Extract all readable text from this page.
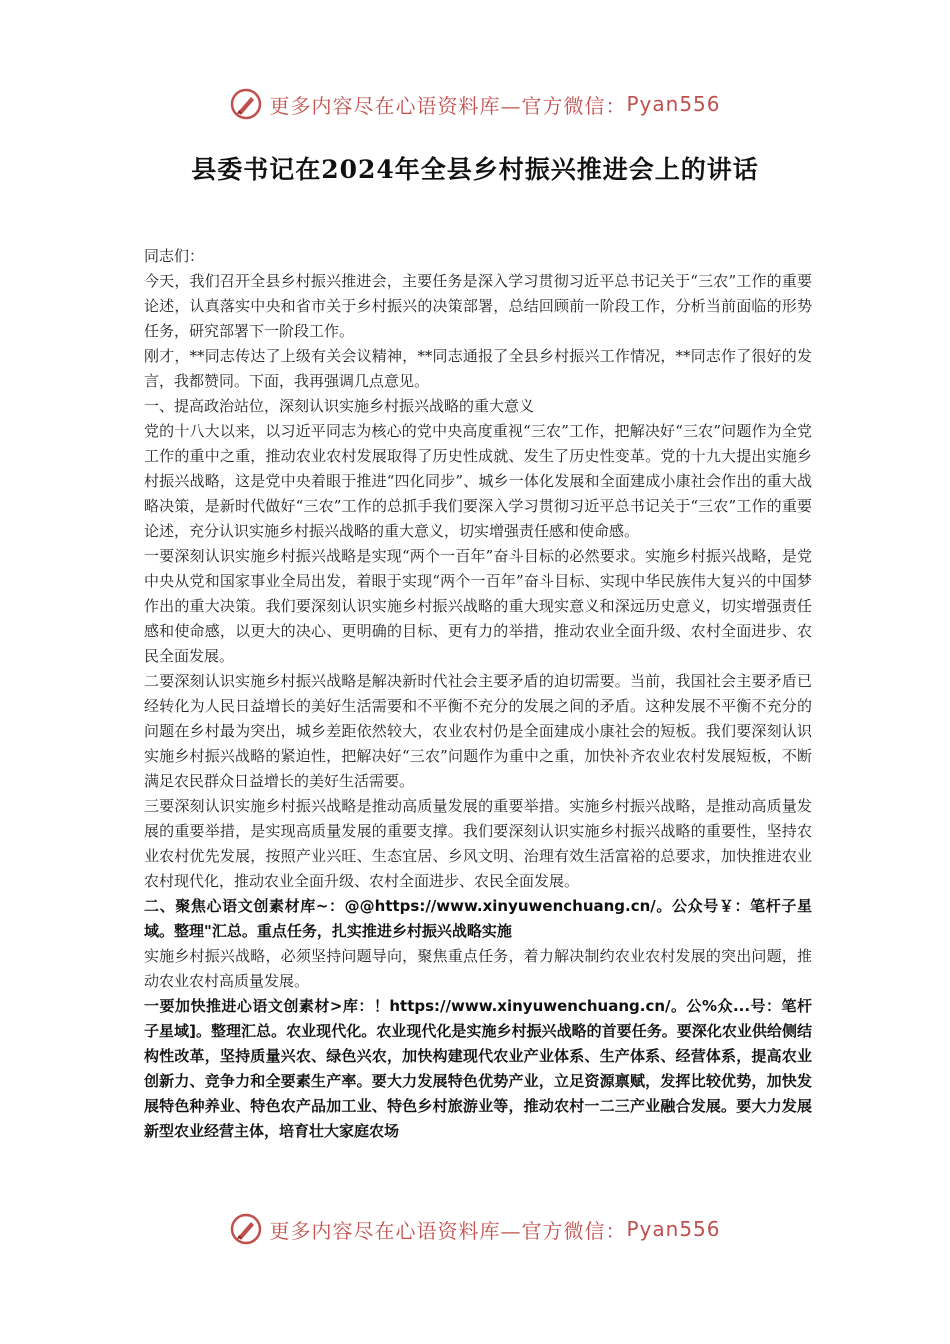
更多内容尽在心语资料库—官方微信： Pyan556
县委书记在2024年全县乡村振兴推进会上的讲话

同志们：

今天，我们召开全县乡村振兴推进会，主要任务是深入学习贯彻习近平总书记关于“三农”工作的重要论述，认真落实中央和省市关于乡村振兴的决策部署，总结回顾前一阶段工作，分析当前面临的形势任务，研究部署下一阶段工作。

刚才，**同志传达了上级有关会议精神，**同志通报了全县乡村振兴工作情况，**同志作了很好的发言，我都赞同。下面，我再强调几点意见。

一、提高政治站位，深刻认识实施乡村振兴战略的重大意义

党的十八大以来，以习近平同志为核心的党中央高度重视“三农”工作，把解决好“三农”问题作为全党工作的重中之重，推动农业农村发展取得了历史性成就、发生了历史性变革。党的十九大提出实施乡村振兴战略，这是党中央着眼于推进“四化同步”、城乡一体化发展和全面建成小康社会作出的重大战略决策，是新时代做好“三农”工作的总抓手我们要深入学习贯彻习近平总书记关于“三农”工作的重要论述，充分认识实施乡村振兴战略的重大意义，切实增强责任感和使命感。

一要深刻认识实施乡村振兴战略是实现“两个一百年”奋斗目标的必然要求。实施乡村振兴战略，是党中央从党和国家事业全局出发，着眼于实现“两个一百年”奋斗目标、实现中华民族伟大复兴的中国梦作出的重大决策。我们要深刻认识实施乡村振兴战略的重大现实意义和深远历史意义，切实增强责任感和使命感，以更大的决心、更明确的目标、更有力的举措，推动农业全面升级、农村全面进步、农民全面发展。

二要深刻认识实施乡村振兴战略是解决新时代社会主要矛盾的迫切需要。当前，我国社会主要矛盾已经转化为人民日益增长的美好生活需要和不平衡不充分的发展之间的矛盾。这种发展不平衡不充分的问题在乡村最为突出，城乡差距依然较大，农业农村仍是全面建成小康社会的短板。我们要深刻认识实施乡村振兴战略的紧迫性，把解决好“三农”问题作为重中之重，加快补齐农业农村发展短板，不断满足农民群众日益增长的美好生活需要。

三要深刻认识实施乡村振兴战略是推动高质量发展的重要举措。实施乡村振兴战略，是推动高质量发展的重要举措，是实现高质量发展的重要支撑。我们要深刻认识实施乡村振兴战略的重要性，坚持农业农村优先发展，按照产业兴旺、生态宜居、乡风文明、治理有效生活富裕的总要求，加快推进农业农村现代化，推动农业全面升级、农村全面进步、农民全面发展。

二、聚焦心语文创素材库~：@@https://www.xinyuwenchuang.cn/。公众号￥：笔杆子星域。整理"汇总。重点任务，扎实推进乡村振兴战略实施

实施乡村振兴战略，必须坚持问题导向，聚焦重点任务，着力解决制约农业农村发展的突出问题，推动农业农村高质量发展。

一要加快推进心语文创素材>库：！https://www.xinyuwenchuang.cn/。公%众...号：笔杆子星域]。整理汇总。农业现代化。农业现代化是实施乡村振兴战略的首要任务。要深化农业供给侧结构性改革，坚持质量兴农、绿色兴农，加快构建现代农业产业体系、生产体系、经营体系，提高农业创新力、竞争力和全要素生产率。要大力发展特色优势产业，立足资源禀赋，发挥比较优势，加快发展特色种养业、特色农产品加工业、特色乡村旅游业等，推动农村一二三产业融合发展。要大力发展新型农业经营主体，培育壮大家庭农场

更多内容尽在心语资料库—官方微信： Pyan556
